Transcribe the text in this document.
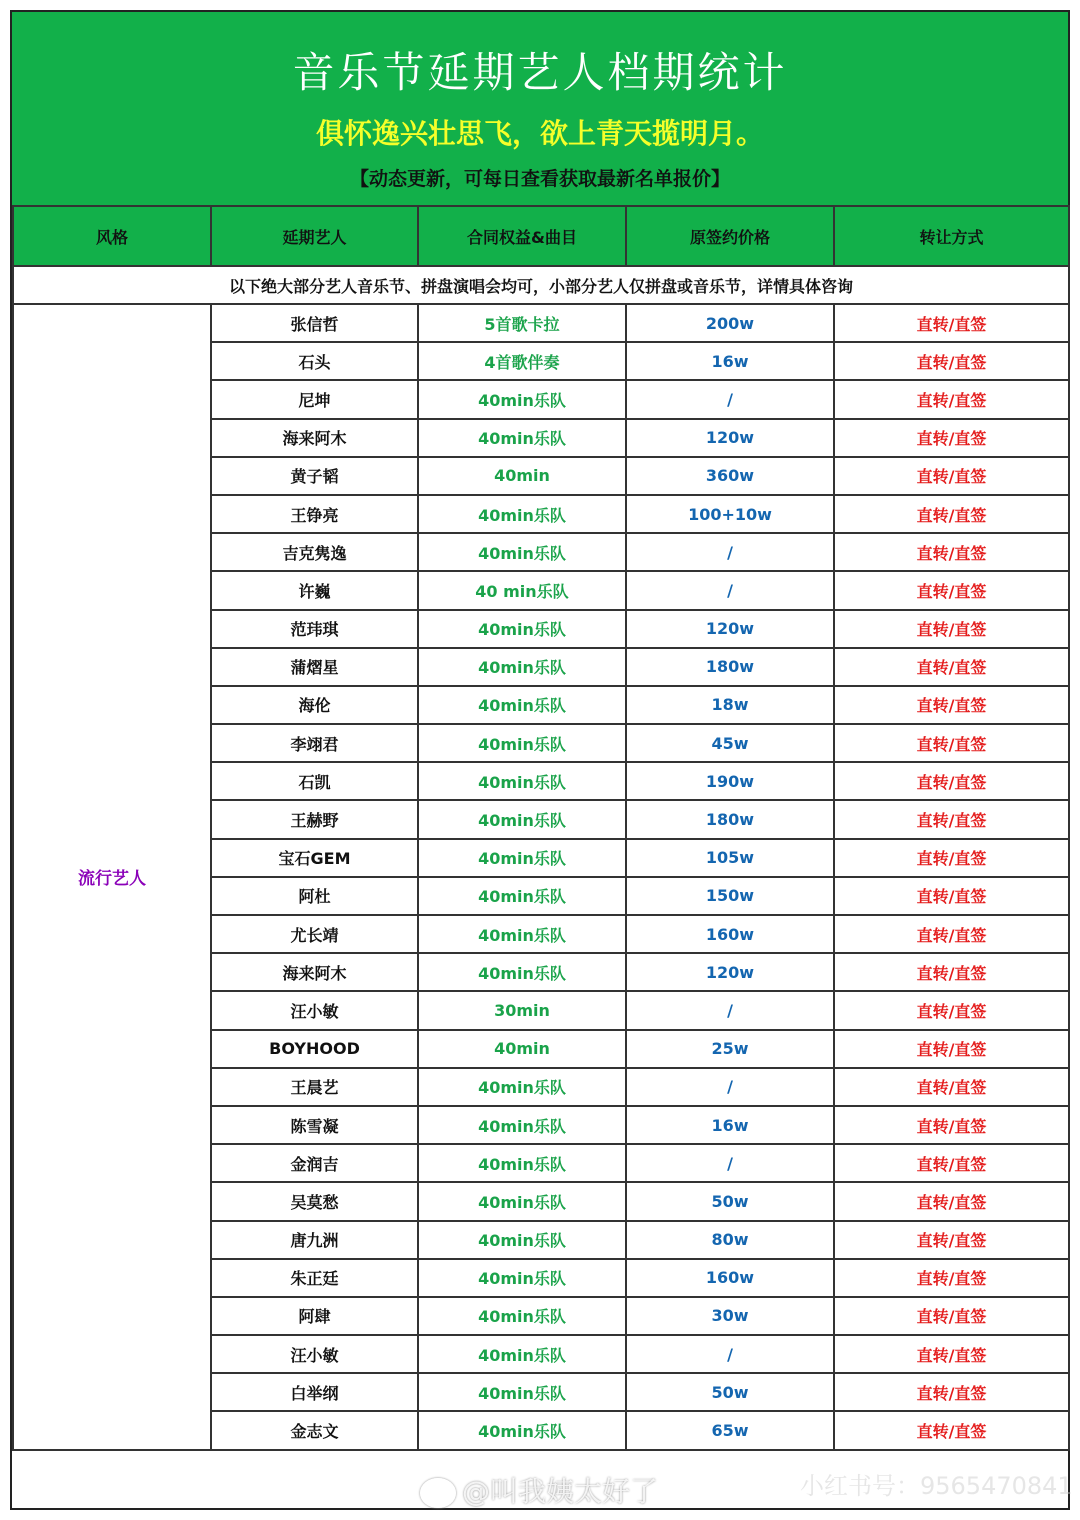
音乐节延期艺人档期统计
俱怀逸兴壮思飞，欲上青天揽明月。
【动态更新，可每日查看获取最新名单报价】
风格	延期艺人	合同权益&曲目	原签约价格	转让方式
以下绝大部分艺人音乐节、拼盘演唱会均可，小部分艺人仅拼盘或音乐节，详情具体咨询				
流行艺人	张信哲	5首歌卡拉	200w	直转/直签
	石头	4首歌伴奏	16w	直转/直签
	尼坤	40min乐队	/	直转/直签
	海来阿木	40min乐队	120w	直转/直签
	黄子韬	40min	360w	直转/直签
	王铮亮	40min乐队	100+10w	直转/直签
	吉克隽逸	40min乐队	/	直转/直签
	许巍	40 min乐队	/	直转/直签
	范玮琪	40min乐队	120w	直转/直签
	蒲熠星	40min乐队	180w	直转/直签
	海伦	40min乐队	18w	直转/直签
	李翊君	40min乐队	45w	直转/直签
	石凯	40min乐队	190w	直转/直签
	王赫野	40min乐队	180w	直转/直签
	宝石GEM	40min乐队	105w	直转/直签
	阿杜	40min乐队	150w	直转/直签
	尤长靖	40min乐队	160w	直转/直签
	海来阿木	40min乐队	120w	直转/直签
	汪小敏	30min	/	直转/直签
	BOYHOOD	40min	25w	直转/直签
	王晨艺	40min乐队	/	直转/直签
	陈雪凝	40min乐队	16w	直转/直签
	金润吉	40min乐队	/	直转/直签
	吴莫愁	40min乐队	50w	直转/直签
	唐九洲	40min乐队	80w	直转/直签
	朱正廷	40min乐队	160w	直转/直签
	阿肆	40min乐队	30w	直转/直签
	汪小敏	40min乐队	/	直转/直签
	白举纲	40min乐队	50w	直转/直签
	金志文	40min乐队	65w	直转/直签
@叫我姨太好了	小红书号：9565470841
